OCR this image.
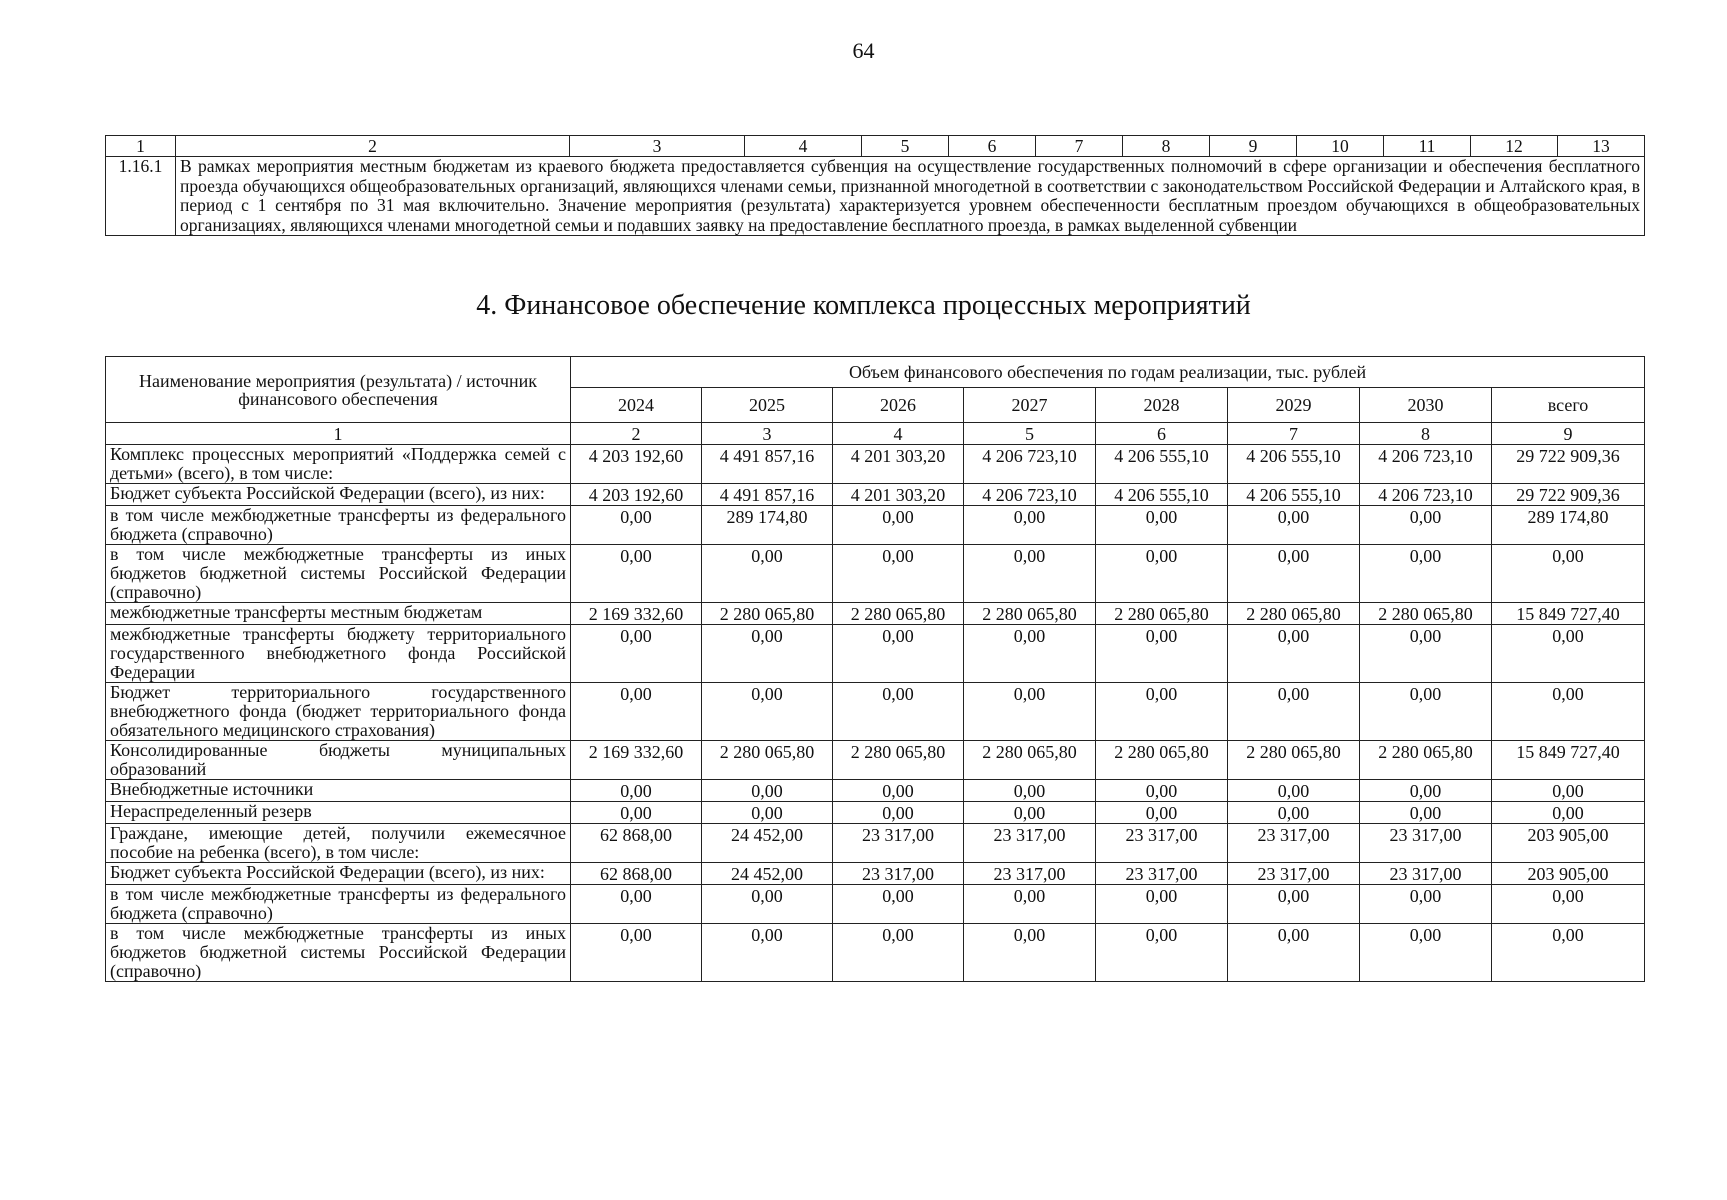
64
1	2	3	4	5	6	7	8	9	10	11	12	13
1.16.1	В рамках мероприятия местным бюджетам из краевого бюджета предоставляется субвенция на осуществление государственных полномочий в сфере организации и обеспечения бесплатного проезда обучающихся общеобразовательных организаций, являющихся членами семьи, признанной многодетной в соответствии с законодательством Российской Федерации и Алтайского края, в период с 1 сентября по 31 мая включительно. Значение мероприятия (результата) характеризуется уровнем обеспеченности бесплатным проездом обучающихся в общеобразовательных организациях, являющихся членами многодетной семьи и подавших заявку на предоставление бесплатного проезда, в рамках выделенной субвенции											
4. Финансовое обеспечение комплекса процессных мероприятий
Наименование мероприятия (результата) / источник финансового обеспечения	Объем финансового обеспечения по годам реализации, тыс. рублей							
	2024	2025	2026	2027	2028	2029	2030	всего
1	2	3	4	5	6	7	8	9
Комплекс процессных мероприятий «Поддержка семей с детьми» (всего), в том числе:	4 203 192,60	4 491 857,16	4 201 303,20	4 206 723,10	4 206 555,10	4 206 555,10	4 206 723,10	29 722 909,36
Бюджет субъекта Российской Федерации (всего), из них:	4 203 192,60	4 491 857,16	4 201 303,20	4 206 723,10	4 206 555,10	4 206 555,10	4 206 723,10	29 722 909,36
в том числе межбюджетные трансферты из федерального бюджета (справочно)	0,00	289 174,80	0,00	0,00	0,00	0,00	0,00	289 174,80
в том числе межбюджетные трансферты из иных бюджетов бюджетной системы Российской Федерации (справочно)	0,00	0,00	0,00	0,00	0,00	0,00	0,00	0,00
межбюджетные трансферты местным бюджетам	2 169 332,60	2 280 065,80	2 280 065,80	2 280 065,80	2 280 065,80	2 280 065,80	2 280 065,80	15 849 727,40
межбюджетные трансферты бюджету территориального государственного внебюджетного фонда Российской Федерации	0,00	0,00	0,00	0,00	0,00	0,00	0,00	0,00
Бюджет территориального государственного внебюджетного фонда (бюджет территориального фонда обязательного медицинского страхования)	0,00	0,00	0,00	0,00	0,00	0,00	0,00	0,00
Консолидированные бюджеты муниципальных образований	2 169 332,60	2 280 065,80	2 280 065,80	2 280 065,80	2 280 065,80	2 280 065,80	2 280 065,80	15 849 727,40
Внебюджетные источники	0,00	0,00	0,00	0,00	0,00	0,00	0,00	0,00
Нераспределенный резерв	0,00	0,00	0,00	0,00	0,00	0,00	0,00	0,00
Граждане, имеющие детей, получили ежемесячное пособие на ребенка (всего), в том числе:	62 868,00	24 452,00	23 317,00	23 317,00	23 317,00	23 317,00	23 317,00	203 905,00
Бюджет субъекта Российской Федерации (всего), из них:	62 868,00	24 452,00	23 317,00	23 317,00	23 317,00	23 317,00	23 317,00	203 905,00
в том числе межбюджетные трансферты из федерального бюджета (справочно)	0,00	0,00	0,00	0,00	0,00	0,00	0,00	0,00
в том числе межбюджетные трансферты из иных бюджетов бюджетной системы Российской Федерации (справочно)	0,00	0,00	0,00	0,00	0,00	0,00	0,00	0,00
